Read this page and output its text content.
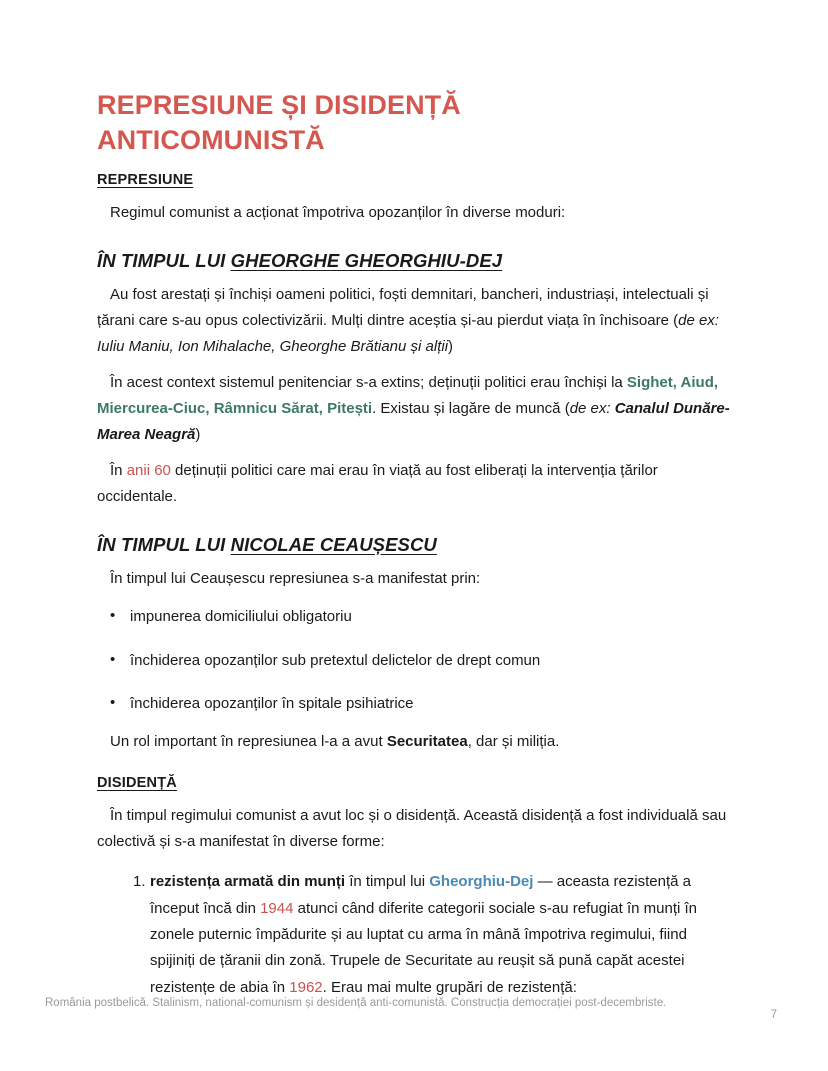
REPRESIUNE ȘI DISIDENȚĂ ANTICOMUNISTĂ
REPRESIUNE

Regimul comunist a acționat împotriva opozanților în diverse moduri:

ÎN TIMPUL LUI GHEORGHE GHEORGHIU-DEJ

Au fost arestați și închiși oameni politici, foști demnitari, bancheri, industriași, intelectuali și țărani care s-au opus colectivizării. Mulți dintre aceștia și-au pierdut viața în închisoare (de ex: Iuliu Maniu, Ion Mihalache, Gheorghe Brătianu și alții)

În acest context sistemul penitenciar s-a extins; deținuții politici erau închiși la Sighet, Aiud, Miercurea-Ciuc, Râmnicu Sărat, Pitești. Existau și lagăre de muncă (de ex: Canalul Dunăre-Marea Neagră)

În anii 60 deținuții politici care mai erau în viață au fost eliberați la intervenția țărilor occidentale.

ÎN TIMPUL LUI NICOLAE CEAUȘESCU

În timpul lui Ceaușescu represiunea s-a manifestat prin:

• impunerea domiciliului obligatoriu
• închiderea opozanților sub pretextul delictelor de drept comun
• închiderea opozanților în spitale psihiatrice

Un rol important în represiunea l-a a avut Securitatea, dar și miliția.

DISIDENȚĂ

În timpul regimului comunist a avut loc și o disidență. Această disidență a fost individuală sau colectivă și s-a manifestat în diverse forme:

rezistența armată din munți în timpul lui Gheorghiu-Dej — aceasta rezistență a început încă din 1944 atunci când diferite categorii sociale s-au refugiat în munți în zonele puternic împădurite și au luptat cu arma în mână împotriva regimului, fiind spijiniți de țăranii din zonă. Trupele de Securitate au reușit să pună capăt acestei rezistențe de abia în 1962. Erau mai multe grupări de rezistență:
România postbelică. Stalinism, national-comunism și desidență anti-comunistă. Construcția democrației post-decembriste.
7
